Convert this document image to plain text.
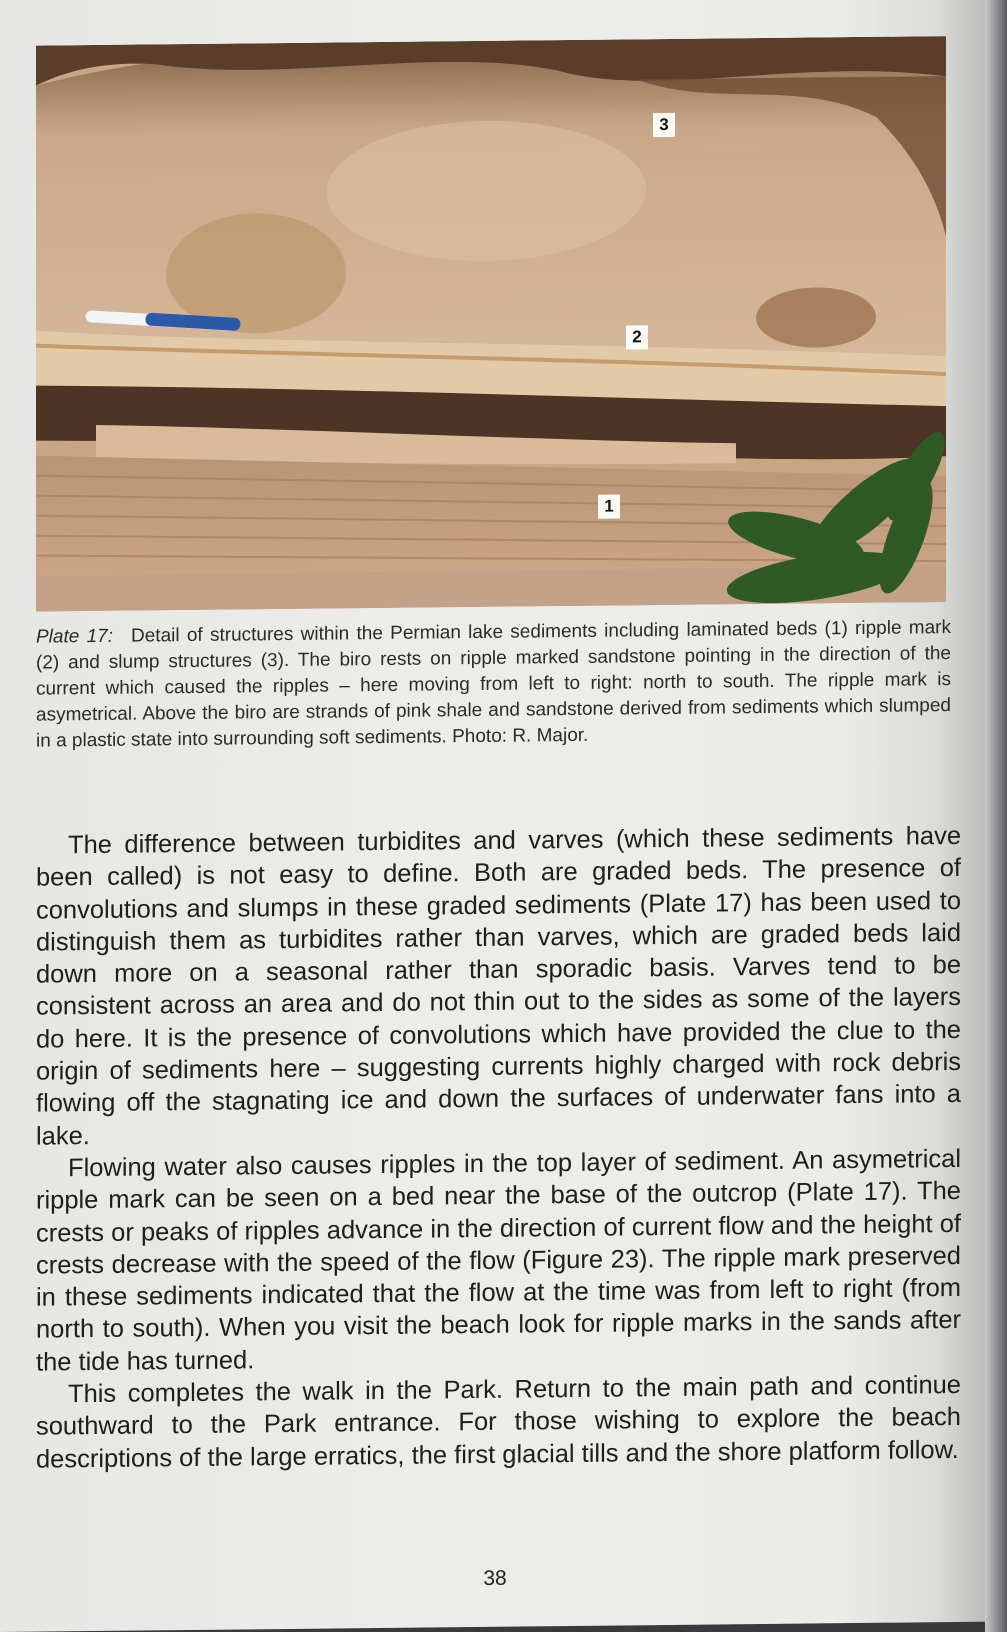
3
2
1
Plate 17: Detail of structures within the Permian lake sediments including laminated beds (1) ripple mark (2) and slump structures (3). The biro rests on ripple marked sandstone pointing in the direction of the current which caused the ripples – here moving from left to right: north to south. The ripple mark is asymetrical. Above the biro are strands of pink shale and sandstone derived from sediments which slumped in a plastic state into surrounding soft sediments. Photo: R. Major.

The difference between turbidites and varves (which these sediments have been called) is not easy to define. Both are graded beds. The presence of convolutions and slumps in these graded sediments (Plate 17) has been used to distinguish them as turbidites rather than varves, which are graded beds laid down more on a seasonal rather than sporadic basis. Varves tend to be consistent across an area and do not thin out to the sides as some of the layers do here. It is the presence of convolutions which have provided the clue to the origin of sediments here – suggesting currents highly charged with rock debris flowing off the stagnating ice and down the surfaces of underwater fans into a lake.

Flowing water also causes ripples in the top layer of sediment. An asymetrical ripple mark can be seen on a bed near the base of the outcrop (Plate 17). The crests or peaks of ripples advance in the direction of current flow and the height of crests decrease with the speed of the flow (Figure 23). The ripple mark preserved in these sediments indicated that the flow at the time was from left to right (from north to south). When you visit the beach look for ripple marks in the sands after the tide has turned.

This completes the walk in the Park. Return to the main path and continue southward to the Park entrance. For those wishing to explore the beach descriptions of the large erratics, the first glacial tills and the shore platform follow.

38
